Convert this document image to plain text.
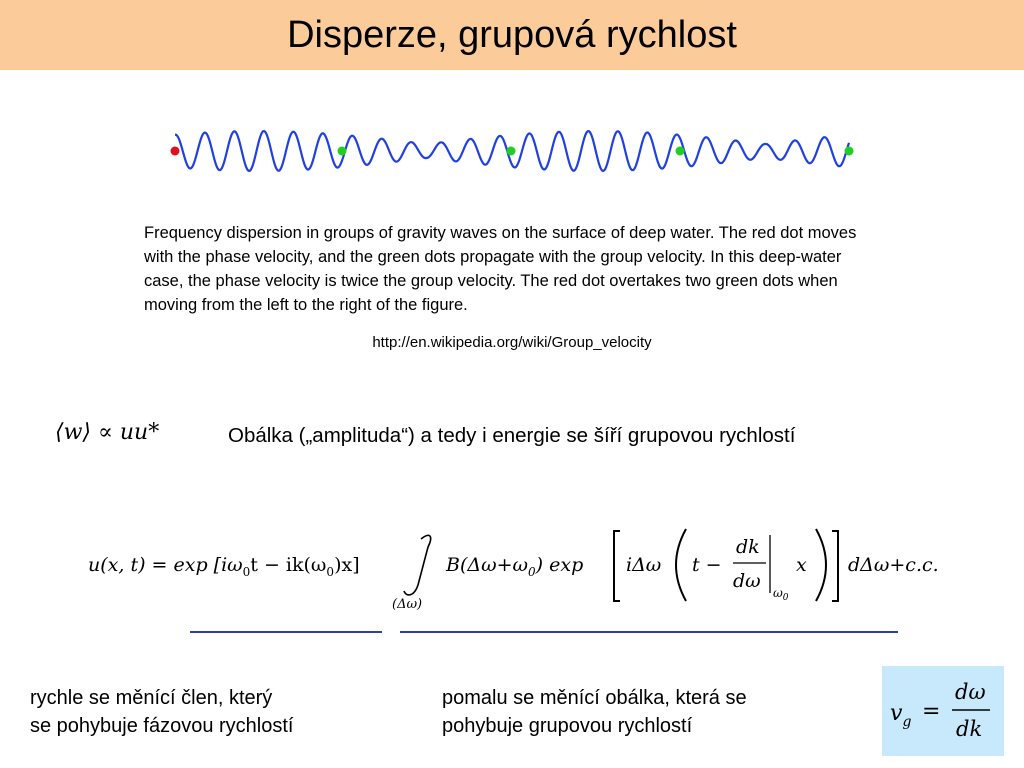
Disperze, grupová rychlost
Frequency dispersion in groups of gravity waves on the surface of deep water. The red dot moves with the phase velocity, and the green dots propagate with the group velocity. In this deep-water case, the phase velocity is twice the group velocity. The red dot overtakes two green dots when moving from the left to the right of the figure.
http://en.wikipedia.org/wiki/Group_velocity
⟨w⟩ ∝ uu*	Obálka („amplituda“) a tedy i energie se šíří grupovou rychlostí
u(x, $t) = \exp [i\omega_0t - ik(\omega_0)x]$
(Δω)
$B(\Delta\omega+\omega_0)$ exp iΔω t −
dk
dω
$\omega_0$
x dΔω+c.c.
rychle se měnící člen, který
se pohybuje fázovou rychlostí
pomalu se měnící obálka, která se
pohybuje grupovou rychlostí	$v_g$ =
dω
dk
